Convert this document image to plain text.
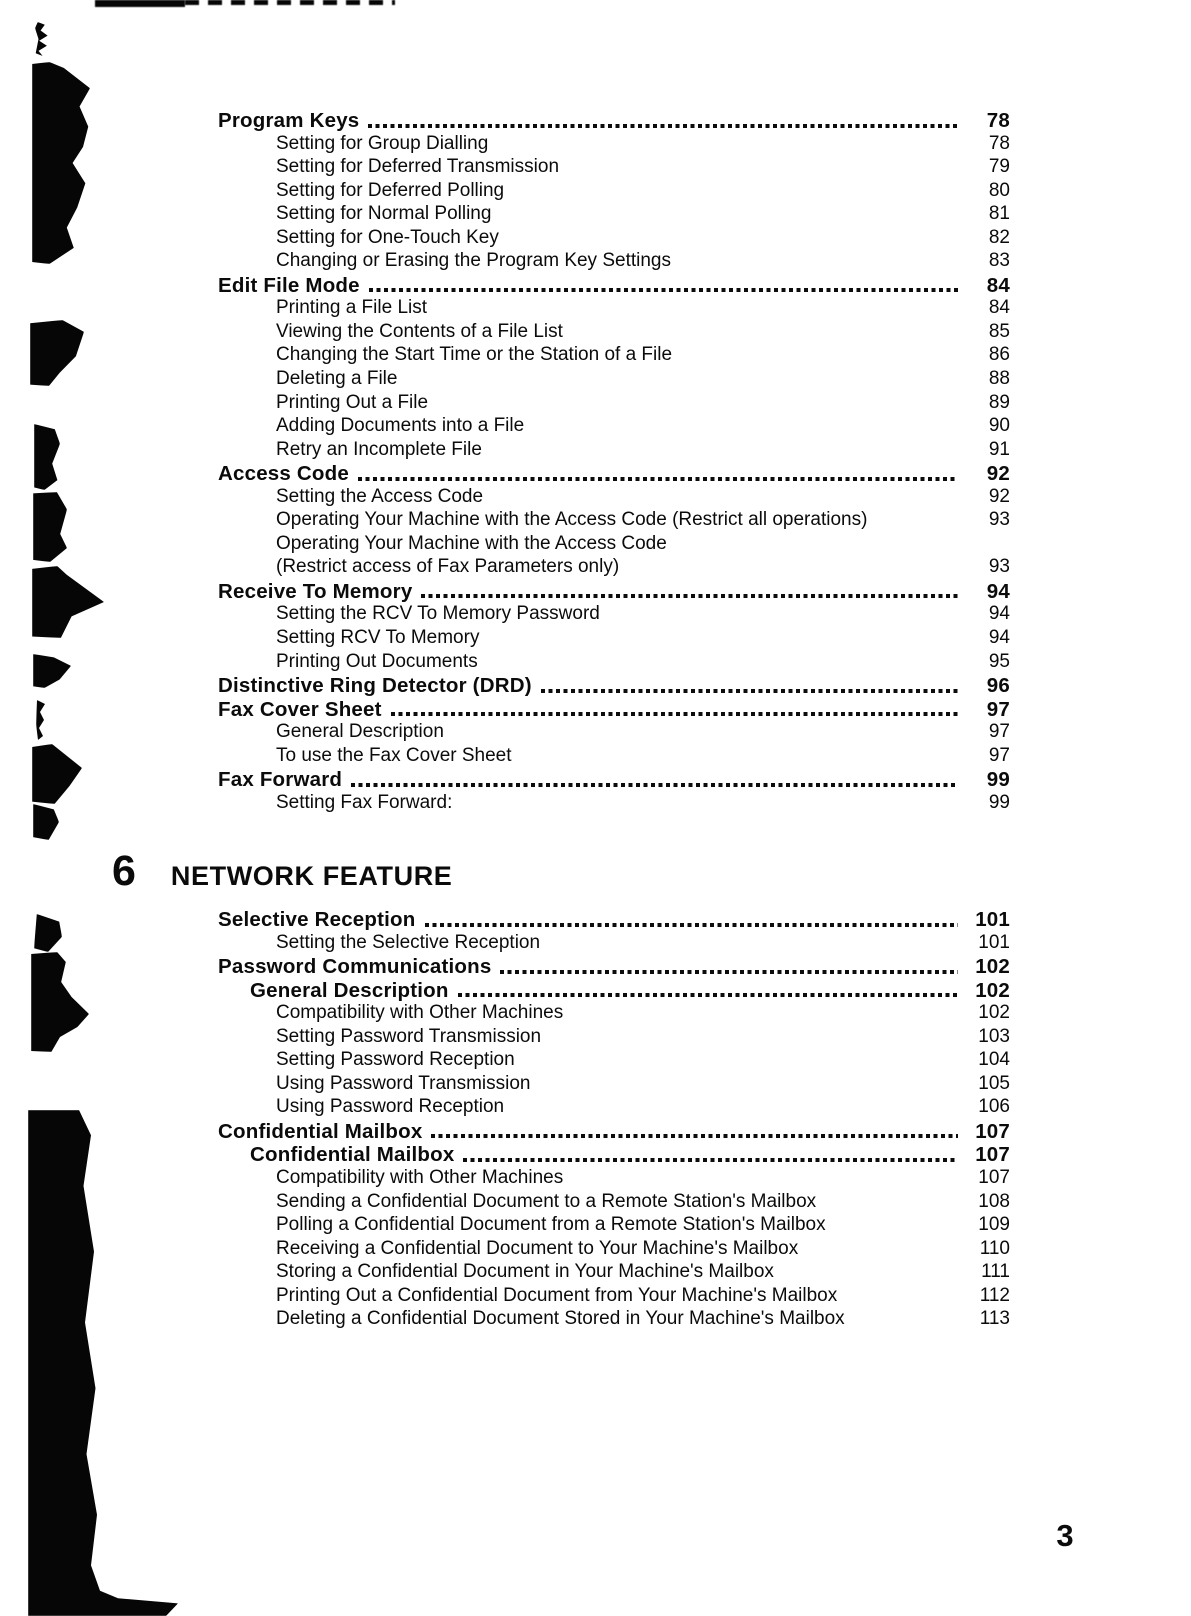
Program Keys	78
Setting for Group Dialling	78
Setting for Deferred Transmission	79
Setting for Deferred Polling	80
Setting for Normal Polling	81
Setting for One-Touch Key	82
Changing or Erasing the Program Key Settings	83
Edit File Mode	84
Printing a File List	84
Viewing the Contents of a File List	85
Changing the Start Time or the Station of a File	86
Deleting a File	88
Printing Out a File	89
Adding Documents into a File	90
Retry an Incomplete File	91
Access Code	92
Setting the Access Code	92
Operating Your Machine with the Access Code (Restrict all operations)	93
Operating Your Machine with the Access Code
(Restrict access of Fax Parameters only)	93
Receive To Memory	94
Setting the RCV To Memory Password	94
Setting RCV To Memory	94
Printing Out Documents	95
Distinctive Ring Detector (DRD)	96
Fax Cover Sheet	97
General Description	97
To use the Fax Cover Sheet	97
Fax Forward	99
Setting Fax Forward:	99
6 NETWORK FEATURE
Selective Reception	101
Setting the Selective Reception	101
Password Communications	102
General Description	102
Compatibility with Other Machines	102
Setting Password Transmission	103
Setting Password Reception	104
Using Password Transmission	105
Using Password Reception	106
Confidential Mailbox	107
Confidential Mailbox	107
Compatibility with Other Machines	107
Sending a Confidential Document to a Remote Station's Mailbox	108
Polling a Confidential Document from a Remote Station's Mailbox	109
Receiving a Confidential Document to Your Machine's Mailbox	110
Storing a Confidential Document in Your Machine's Mailbox	111
Printing Out a Confidential Document from Your Machine's Mailbox	112
Deleting a Confidential Document Stored in Your Machine's Mailbox	113
3
